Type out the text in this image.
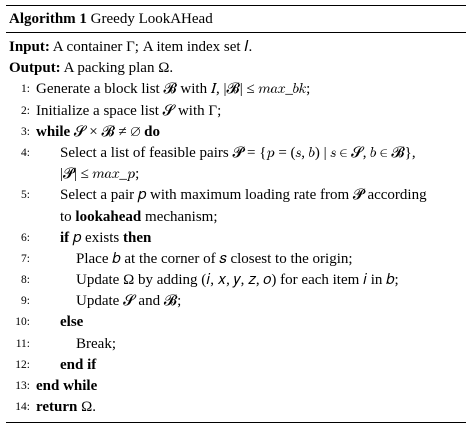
Algorithm 1 Greedy LookAHead
Input: A container Γ; A item index set 𝐼.
Output: A packing plan Ω.
1: Generate a block list 𝓑 with 𝐼, |𝓑| ≤ 𝑚𝑎𝑥_𝑏𝑘;
2: Initialize a space list 𝓢 with Γ;
3: while 𝓢 × 𝓑 ≠ ∅ do
4: Select a list of feasible pairs 𝓟 = {𝑝 = (𝑠, 𝑏) | 𝑠 ∈ 𝓢, 𝑏 ∈ 𝓑},
|𝓟| ≤ 𝑚𝑎𝑥_𝑝;
5: Select a pair 𝑝 with maximum loading rate from 𝓟 according
to lookahead mechanism;
6: if 𝑝 exists then
7:	Place 𝑏 at the corner of 𝑠 closest to the origin;
8:	Update Ω by adding (𝑖, 𝑥, 𝑦, 𝑧, 𝑜) for each item 𝑖 in 𝑏;
9:	Update 𝓢 and 𝓑;
10: else
11:	Break;
12: end if
13: end while
14: return Ω.
